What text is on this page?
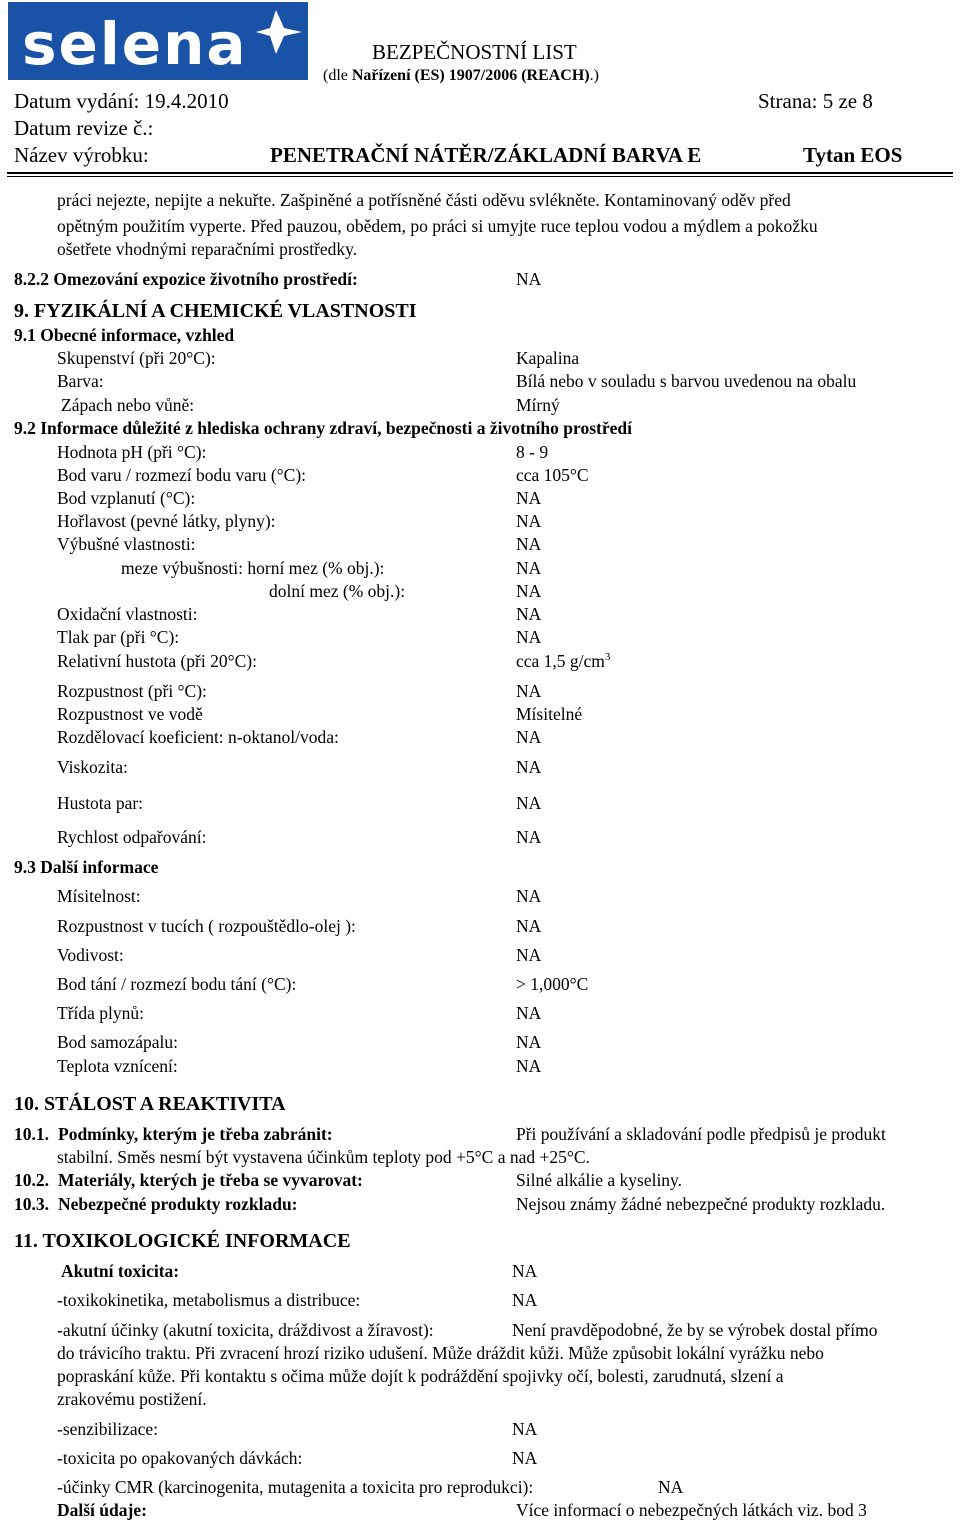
selena	BEZPEČNOSTNÍ LIST
(dle Nařízení (ES) 1907/2006 (REACH).)
Datum vydání: 19.4.2010	Strana: 5 ze 8
Datum revize č.:
Název výrobku:	PENETRAČNÍ NÁTĚR/ZÁKLADNÍ BARVA E	Tytan EOS
práci nejezte, nepijte a nekuřte. Zašpiněné a potřísněné části oděvu svlékněte. Kontaminovaný oděv před
opětným použitím vyperte. Před pauzou, obědem, po práci si umyjte ruce teplou vodou a mýdlem a pokožku
ošetřete vhodnými reparačními prostředky.
8.2.2 Omezování expozice životního prostředí:	NA
9. FYZIKÁLNÍ A CHEMICKÉ VLASTNOSTI
9.1 Obecné informace, vzhled
Skupenství (při 20°C):	Kapalina
Barva:	Bílá nebo v souladu s barvou uvedenou na obalu
Zápach nebo vůně:	Mírný
9.2 Informace důležité z hlediska ochrany zdraví, bezpečnosti a životního prostředí
Hodnota pH (při °C):	8 - 9
Bod varu / rozmezí bodu varu (°C):	cca 105°C
Bod vzplanutí (°C):	NA
Hořlavost (pevné látky, plyny):	NA
Výbušné vlastnosti:	NA
meze výbušnosti: horní mez (% obj.):	NA
dolní mez (% obj.):	NA
Oxidační vlastnosti:	NA
Tlak par (při °C):	NA
Relativní hustota (při 20°C):	cca 1,5 $g/cm^3$
Rozpustnost (při °C):	NA
Rozpustnost ve vodě	Mísitelné
Rozdělovací koeficient: n-oktanol/voda:	NA
Viskozita:	NA
Hustota par:	NA
Rychlost odpařování:	NA
9.3 Další informace
Mísitelnost:	NA
Rozpustnost v tucích ( rozpouštědlo-olej ):	NA
Vodivost:	NA
Bod tání / rozmezí bodu tání (°C):	> 1,000°C
Třída plynů:	NA
Bod samozápalu:	NA
Teplota vznícení:	NA
10. STÁLOST A REAKTIVITA
10.1. Podmínky, kterým je třeba zabránit:	Při používání a skladování podle předpisů je produkt
stabilní. Směs nesmí být vystavena účinkům teploty pod +5°C a nad +25°C.
10.2. Materiály, kterých je třeba se vyvarovat:	Silné alkálie a kyseliny.
10.3. Nebezpečné produkty rozkladu:	Nejsou známy žádné nebezpečné produkty rozkladu.
11. TOXIKOLOGICKÉ INFORMACE
Akutní toxicita:	NA
-toxikokinetika, metabolismus a distribuce:	NA
-akutní účinky (akutní toxicita, dráždivost a žíravost):	Není pravděpodobné, že by se výrobek dostal přímo
do trávicího traktu. Při zvracení hrozí riziko udušení. Může dráždit kůži. Může způsobit lokální vyrážku nebo
popraskání kůže. Při kontaktu s očima může dojít k podráždění spojivky očí, bolesti, zarudnutá, slzení a
zrakovému postižení.
-senzibilizace:	NA
-toxicita po opakovaných dávkách:	NA
-účinky CMR (karcinogenita, mutagenita a toxicita pro reprodukci):	NA
Další údaje:	Více informací o nebezpečných látkách viz. bod 3
